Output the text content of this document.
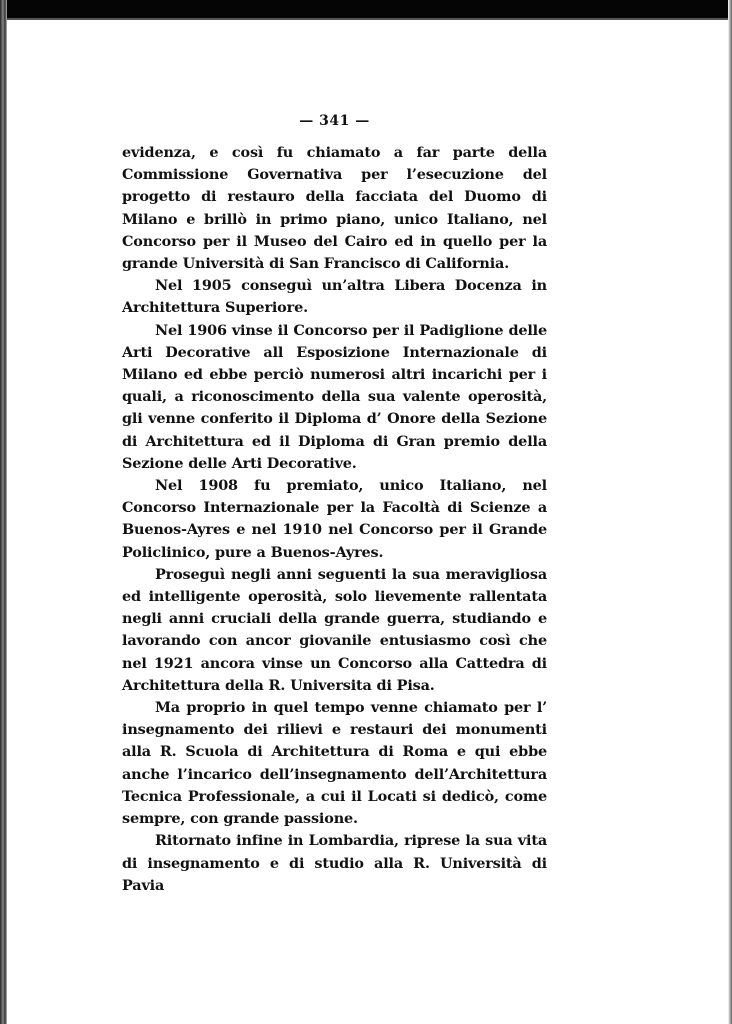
— 341 —

evidenza, e così fu chiamato a far parte della Commissione Governativa per l’esecuzione del progetto di restauro della facciata del Duomo di Milano e brillò in primo piano, unico Italiano, nel Concorso per il Museo del Cairo ed in quello per la grande Università di San Francisco di California.

Nel 1905 conseguì un’altra Libera Docenza in Architettura Superiore.

Nel 1906 vinse il Concorso per il Padiglione delle Arti Decorative all Esposizione Internazionale di Milano ed ebbe perciò numerosi altri incarichi per i quali, a riconoscimento della sua valente operosità, gli venne conferito il Diploma d’ Onore della Sezione di Architettura ed il Diploma di Gran premio della Sezione delle Arti Decorative.

Nel 1908 fu premiato, unico Italiano, nel Concorso Internazionale per la Facoltà di Scienze a Buenos-Ayres e nel 1910 nel Concorso per il Grande Policlinico, pure a Buenos-Ayres.

Proseguì negli anni seguenti la sua meravigliosa ed intelligente operosità, solo lievemente rallentata negli anni cruciali della grande guerra, studiando e lavorando con ancor giovanile entusiasmo così che nel 1921 ancora vinse un Concorso alla Cattedra di Architettura della R. Universita di Pisa.

Ma proprio in quel tempo venne chiamato per l’ insegnamento dei rilievi e restauri dei monumenti alla R. Scuola di Architettura di Roma e qui ebbe anche l’incarico dell’insegnamento dell’Architettura Tecnica Professionale, a cui il Locati si dedicò, come sempre, con grande passione.

Ritornato infine in Lombardia, riprese la sua vita di insegnamento e di studio alla R. Università di Pavia
